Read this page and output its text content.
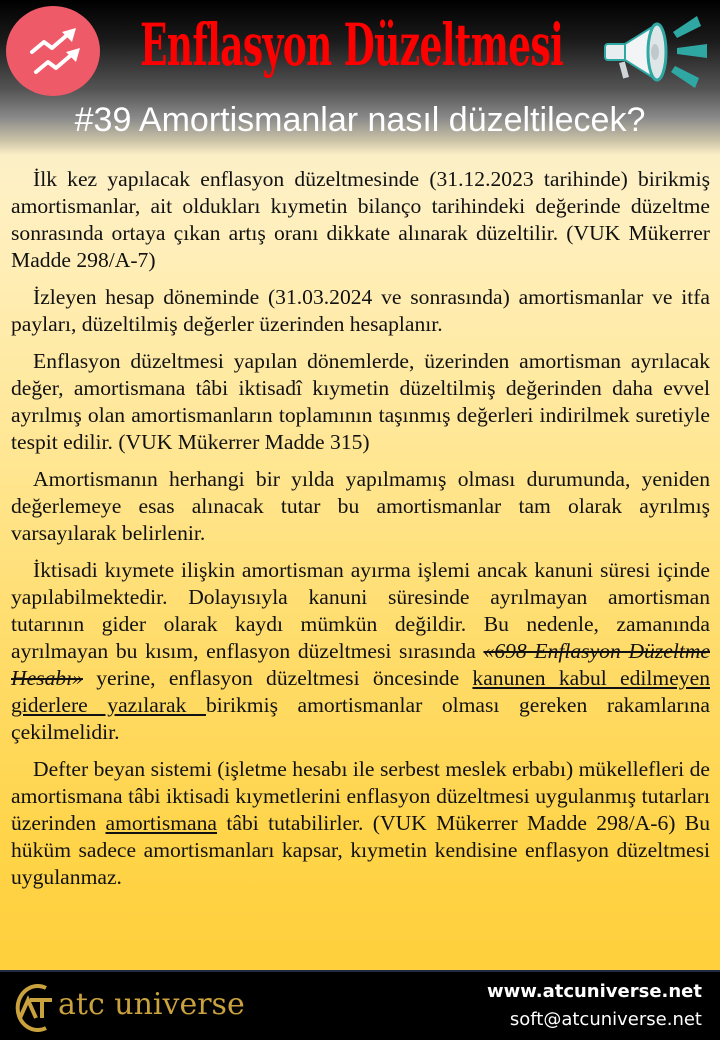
Enflasyon Düzeltmesi
#39 Amortismanlar nasıl düzeltilecek?

İlk kez yapılacak enflasyon düzeltmesinde (31.12.2023 tarihinde) birikmiş amortismanlar, ait oldukları kıymetin bilanço tarihindeki değerinde düzeltme sonrasında ortaya çıkan artış oranı dikkate alınarak düzeltilir. (VUK Mükerrer Madde 298/A-7)

İzleyen hesap döneminde (31.03.2024 ve sonrasında) amortismanlar ve itfa payları, düzeltilmiş değerler üzerinden hesaplanır.

Enflasyon düzeltmesi yapılan dönemlerde, üzerinden amortisman ayrılacak değer, amortismana tâbi iktisadî kıymetin düzeltilmiş değerinden daha evvel ayrılmış olan amortismanların toplamının taşınmış değerleri indirilmek suretiyle tespit edilir. (VUK Mükerrer Madde 315)

Amortismanın herhangi bir yılda yapılmamış olması durumunda, yeniden değerlemeye esas alınacak tutar bu amortismanlar tam olarak ayrılmış varsayılarak belirlenir.

İktisadi kıymete ilişkin amortisman ayırma işlemi ancak kanuni süresi içinde yapılabilmektedir. Dolayısıyla kanuni süresinde ayrılmayan amortisman tutarının gider olarak kaydı mümkün değildir. Bu nedenle, zamanında ayrılmayan bu kısım, enflasyon düzeltmesi sırasında «698 Enflasyon Düzeltme Hesabı» yerine, enflasyon düzeltmesi öncesinde kanunen kabul edilmeyen giderlere yazılarak birikmiş amortismanlar olması gereken rakamlarına çekilmelidir.

Defter beyan sistemi (işletme hesabı ile serbest meslek erbabı) mükellefleri de amortismana tâbi iktisadi kıymetlerini enflasyon düzeltmesi uygulanmış tutarları üzerinden amortismana tâbi tutabilirler. (VUK Mükerrer Madde 298/A-6) Bu hüküm sadece amortismanları kapsar, kıymetin kendisine enflasyon düzeltmesi uygulanmaz.

atc universe	www.atcuniverse.net
soft@atcuniverse.net
